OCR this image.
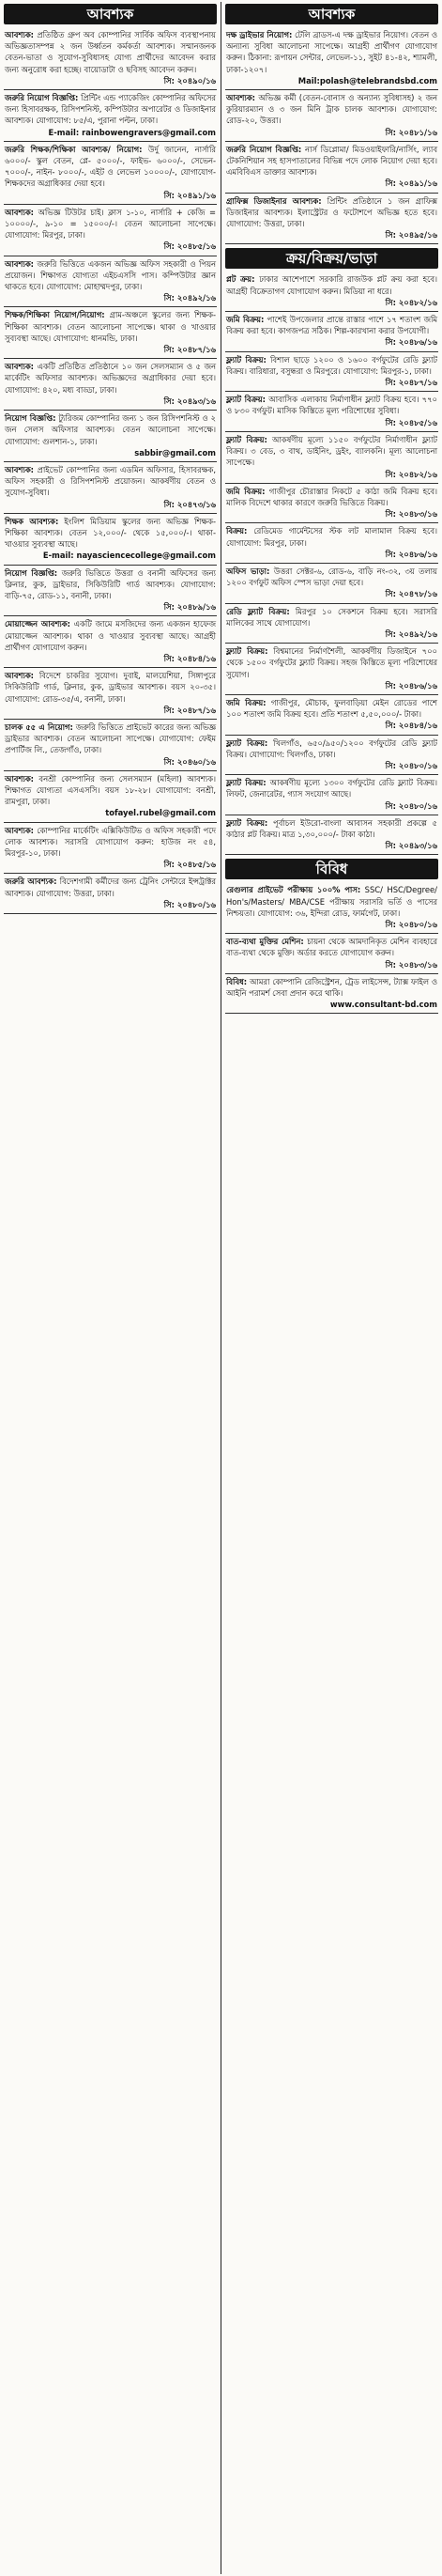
আবশ্যক
আবশ্যক: প্রতিষ্ঠিত গ্রুপ অব কোম্পানির সার্বিক অফিস ব্যবস্থাপনায় অভিজ্ঞতাসম্পন্ন ২ জন উর্ধ্বতন কর্মকর্তা আবশ্যক। সম্মানজনক বেতন-ভাতা ও সুযোগ-সুবিধাসহ যোগ্য প্রার্থীদের আবেদন করার জন্য অনুরোধ করা হচ্ছে। বায়োডাটা ও ছবিসহ আবেদন করুন।
সি: ২০৪৯০/১৬
জরুরি নিয়োগ বিজ্ঞপ্তি: প্রিন্টিং এন্ড প্যাকেজিং কোম্পানির অফিসের জন্য হিসাবরক্ষক, রিসিপশনিস্ট, কম্পিউটার অপারেটর ও ডিজাইনার আবশ্যক। যোগাযোগ: ৮৫/এ, পুরানা পল্টন, ঢাকা।
E-mail: rainbowengravers@gmail.com
জরুরি শিক্ষক/শিক্ষিকা আবশ্যক/ নিয়োগ: উর্দু জানেন, নার্সারি ৬০০০/- স্কুল বেতন, প্লে- ৫০০০/-, ফাইভ- ৬০০০/-, সেভেন- ৭০০০/-, নাইন- ৮০০০/-, এইট ও লেভেল ১০০০০/-, যোগাযোগ- শিক্ষকদের অগ্রাধিকার দেয়া হবে।
সি: ২০৪৯১/১৬
আবশ্যক: অভিজ্ঞ টিউটর চাই। ক্লাস ১-১০, নার্সারি + কেজি = ১০০০০/-, ৯-১০ = ১৫০০০/-। বেতন আলোচনা সাপেক্ষে। যোগাযোগ: মিরপুর, ঢাকা।
সি: ২০৪৮৫/১৬
আবশ্যক: জরুরি ভিত্তিতে একজন অভিজ্ঞ অফিস সহকারী ও পিয়ন প্রয়োজন। শিক্ষাগত যোগ্যতা এইচএসসি পাস। কম্পিউটার জ্ঞান থাকতে হবে। যোগাযোগ: মোহাম্মদপুর, ঢাকা।
সি: ২০৪৯২/১৬
শিক্ষক/শিক্ষিকা নিয়োগ/নিয়োগ: গ্রাম-অঞ্চলে স্কুলের জন্য শিক্ষক-শিক্ষিকা আবশ্যক। বেতন আলোচনা সাপেক্ষে। থাকা ও খাওয়ার সুব্যবস্থা আছে। যোগাযোগ: ধানমন্ডি, ঢাকা।
সি: ২০৪৮৭/১৬
আবশ্যক: একটি প্রতিষ্ঠিত প্রতিষ্ঠানে ১০ জন সেলসম্যান ও ৫ জন মার্কেটিং অফিসার আবশ্যক। অভিজ্ঞদের অগ্রাধিকার দেয়া হবে। যোগাযোগ: ৪২০, মধ্য বাড্ডা, ঢাকা।
সি: ২০৪৯৩/১৬
নিয়োগ বিজ্ঞপ্তি: ট্যুরিজম কোম্পানির জন্য ১ জন রিসিপশনিস্ট ও ২ জন সেলস অফিসার আবশ্যক। বেতন আলোচনা সাপেক্ষে। যোগাযোগ: গুলশান-১, ঢাকা।
sabbir@gmail.com
আবশ্যক: প্রাইভেট কোম্পানির জন্য এডমিন অফিসার, হিসাবরক্ষক, অফিস সহকারী ও রিসিপশনিস্ট প্রয়োজন। আকর্ষণীয় বেতন ও সুযোগ-সুবিধা।
সি: ২০৪৭৩/১৬
শিক্ষক আবশ্যক: ইংলিশ মিডিয়াম স্কুলের জন্য অভিজ্ঞ শিক্ষক-শিক্ষিকা আবশ্যক। বেতন ১২,০০০/- থেকে ১৫,০০০/-। থাকা-খাওয়ার সুব্যবস্থা আছে।
E-mail: nayasciencecollege@gmail.com
নিয়োগ বিজ্ঞপ্তি: জরুরি ভিত্তিতে উত্তরা ও বনানী অফিসের জন্য ক্লিনার, কুক, ড্রাইভার, সিকিউরিটি গার্ড আবশ্যক। যোগাযোগ: বাড়ি-৭৫, রোড-১১, বনানী, ঢাকা।
সি: ২০৪৮৯/১৬
মোয়াজ্জেন আবশ্যক: একটি জামে মসজিদের জন্য একজন হাফেজ মোয়াজ্জেন আবশ্যক। থাকা ও খাওয়ার সুব্যবস্থা আছে। আগ্রহী প্রার্থীগণ যোগাযোগ করুন।
সি: ২০৪৮৪/১৬
আবশ্যক: বিদেশে চাকরির সুযোগ। দুবাই, মালয়েশিয়া, সিঙ্গাপুরে সিকিউরিটি গার্ড, ক্লিনার, কুক, ড্রাইভার আবশ্যক। বয়স ২০-৩৫। যোগাযোগ: রোড-৩৫/এ, বনানী, ঢাকা।
সি: ২০৪৮৭/১৬
চালক ৫৫ এ নিয়োগ: জরুরি ভিত্তিতে প্রাইভেট কারের জন্য অভিজ্ঞ ড্রাইভার আবশ্যক। বেতন আলোচনা সাপেক্ষে। যোগাযোগ: ফেইম প্রপার্টিজ লি., তেজগাঁও, ঢাকা।
সি: ২০৪৬০/১৬
আবশ্যক: বনশ্রী কোম্পানির জন্য সেলসম্যান (মহিলা) আবশ্যক। শিক্ষাগত যোগ্যতা এসএসসি। বয়স ১৮-২৮। যোগাযোগ: বনশ্রী, রামপুরা, ঢাকা।
tofayel.rubel@gmail.com
আবশ্যক: কোম্পানির মার্কেটিং এক্সিকিউটিভ ও অফিস সহকারী পদে লোক আবশ্যক। সরাসরি যোগাযোগ করুন: হাউজ নং ৫৪, মিরপুর-১০, ঢাকা।
সি: ২০৪৮৫/১৬
জরুরি আবশ্যক: বিদেশগামী কর্মীদের জন্য ট্রেনিং সেন্টারে ইন্সট্রাক্টর আবশ্যক। যোগাযোগ: উত্তরা, ঢাকা।
সি: ২০৪৮০/১৬
আবশ্যক
দক্ষ ড্রাইভার নিয়োগ: টেলি ব্রাডস-এ দক্ষ ড্রাইভার নিয়োগ। বেতন ও অন্যান্য সুবিধা আলোচনা সাপেক্ষে। আগ্রহী প্রার্থীগণ যোগাযোগ করুন। ঠিকানা: রূপায়ন সেন্টার, লেভেল-১১, সুইট ৪১-৪২, শ্যামলী, ঢাকা-১২০৭।
Mail:polash@telebrandsbd.com
আবশ্যক: অভিজ্ঞ কর্মী (বেতন-বোনাস ও অন্যান্য সুবিধাসহ) ২ জন কুরিয়ারম্যান ও ৩ জন মিনি ট্রাক চালক আবশ্যক। যোগাযোগ: রোড-২০, উত্তরা।
সি: ২০৪৮১/১৬
জরুরি নিয়োগ বিজ্ঞপ্তি: নার্স ডিপ্লোমা/ মিডওয়াইফারি/নার্সিং, ল্যাব টেকনিশিয়ান সহ হাসপাতালের বিভিন্ন পদে লোক নিয়োগ দেয়া হবে। এমবিবিএস ডাক্তার আবশ্যক।
সি: ২০৪৯১/১৬
গ্রাফিক্স ডিজাইনার আবশ্যক: প্রিন্টিং প্রতিষ্ঠানে ১ জন গ্রাফিক্স ডিজাইনার আবশ্যক। ইলাস্ট্রেটর ও ফটোশপে অভিজ্ঞ হতে হবে। যোগাযোগ: উত্তরা, ঢাকা।
সি: ২০৪৯৫/১৬
ক্রয়/বিক্রয়/ভাড়া
প্লট ক্রয়: ঢাকার আশেপাশে সরকারি রাজউক প্লট ক্রয় করা হবে। আগ্রহী বিক্রেতাগণ যোগাযোগ করুন। মিডিয়া না ধরে।
সি: ২০৪৮২/১৬
জমি বিক্রয়: পাশেই উপজেলার প্রান্তে রাস্তার পাশে ১৭ শতাংশ জমি বিক্রয় করা হবে। কাগজপত্র সঠিক। শিল্প-কারখানা করার উপযোগী।
সি: ২০৪৮৬/১৬
ফ্ল্যাট বিক্রয়: বিশাল ছাড়ে ১২০০ ও ১৬০০ বর্গফুটের রেডি ফ্ল্যাট বিক্রয়। বারিধারা, বসুন্ধরা ও মিরপুরে। যোগাযোগ: মিরপুর-১, ঢাকা।
সি: ২০৪৮৭/১৬
ফ্ল্যাট বিক্রয়: আবাসিক এলাকায় নির্মাণাধীন ফ্ল্যাট বিক্রয় হবে। ৭৭০ ও ৮৩০ বর্গফুট। মাসিক কিস্তিতে মূল্য পরিশোধের সুবিধা।
সি: ২০৪৮৫/১৬
ফ্ল্যাট বিক্রয়: আকর্ষণীয় মূল্যে ১১৫০ বর্গফুটের নির্মাণাধীন ফ্ল্যাট বিক্রয়। ৩ বেড, ৩ বাথ, ডাইনিং, ড্রইং, ব্যালকনি। মূল্য আলোচনা সাপেক্ষে।
সি: ২০৪৮২/১৬
জমি বিক্রয়: গাজীপুর চৌরাস্তার নিকটে ৫ কাঠা জমি বিক্রয় হবে। মালিক বিদেশে থাকার কারণে জরুরি ভিত্তিতে বিক্রয়।
সি: ২০৪৮৩/১৬
বিক্রয়: রেডিমেড গার্মেন্টসের স্টক লট মালামাল বিক্রয় হবে। যোগাযোগ: মিরপুর, ঢাকা।
সি: ২০৪৮৬/১৬
অফিস ভাড়া: উত্তরা সেক্টর-৬, রোড-৬, বাড়ি নং-৩২, ৩য় তলায় ১২০০ বর্গফুট অফিস স্পেস ভাড়া দেয়া হবে।
সি: ২০৪৭৮/১৬
রেডি ফ্ল্যাট বিক্রয়: মিরপুর ১০ সেকশনে বিক্রয় হবে। সরাসরি মালিকের সাথে যোগাযোগ।
সি: ২০৪৯২/১৬
ফ্ল্যাট বিক্রয়: বিশ্বমানের নির্মাণশৈলী, আকর্ষণীয় ডিজাইনে ৭০০ থেকে ১৫০০ বর্গফুটের ফ্ল্যাট বিক্রয়। সহজ কিস্তিতে মূল্য পরিশোধের সুযোগ।
সি: ২০৪৮৬/১৬
জমি বিক্রয়: গাজীপুর, মৌচাক, ফুলবাড়িয়া মেইন রোডের পাশে ১০০ শতাংশ জমি বিক্রয় হবে। প্রতি শতাংশ ৫,৫০,০০০/- টাকা।
সি: ২০৪৮৪/১৬
ফ্ল্যাট বিক্রয়: খিলগাঁও, ৬৫০/৯৫০/১২০০ বর্গফুটের রেডি ফ্ল্যাট বিক্রয়। যোগাযোগ: খিলগাঁও, ঢাকা।
সি: ২০৪৮০/১৬
ফ্ল্যাট বিক্রয়: আকর্ষণীয় মূল্যে ১৩০০ বর্গফুটের রেডি ফ্ল্যাট বিক্রয়। লিফট, জেনারেটর, গ্যাস সংযোগ আছে।
সি: ২০৪৮০/১৬
ফ্ল্যাট বিক্রয়: পূর্বাচল ইউরো-বাংলা আবাসন সহকারী প্রকল্পে ৫ কাঠার প্লট বিক্রয়। মাত্র ১,৩০,০০০/- টাকা কাঠা।
সি: ২০৪৯৩/১৬
বিবিধ
রেগুলার প্রাইভেট পরীক্ষায় ১০০% পাস: SSC/ HSC/Degree/ Hon's/Masters/ MBA/CSE পরীক্ষায় সরাসরি ভর্তি ও পাসের নিশ্চয়তা। যোগাযোগ: ৩৬, ইন্দিরা রোড, ফার্মগেট, ঢাকা।
সি: ২০৪৮০/১৬
বাত-ব্যথা মুক্তির মেশিন: চায়না থেকে আমদানিকৃত মেশিন ব্যবহারে বাত-ব্যথা থেকে মুক্তি। অর্ডার করতে যোগাযোগ করুন।
সি: ২০৪৮৩/১৬
বিবিধ: আমরা কোম্পানি রেজিস্ট্রেশন, ট্রেড লাইসেন্স, ট্যাক্স ফাইল ও আইনি পরামর্শ সেবা প্রদান করে থাকি।
www.consultant-bd.com
